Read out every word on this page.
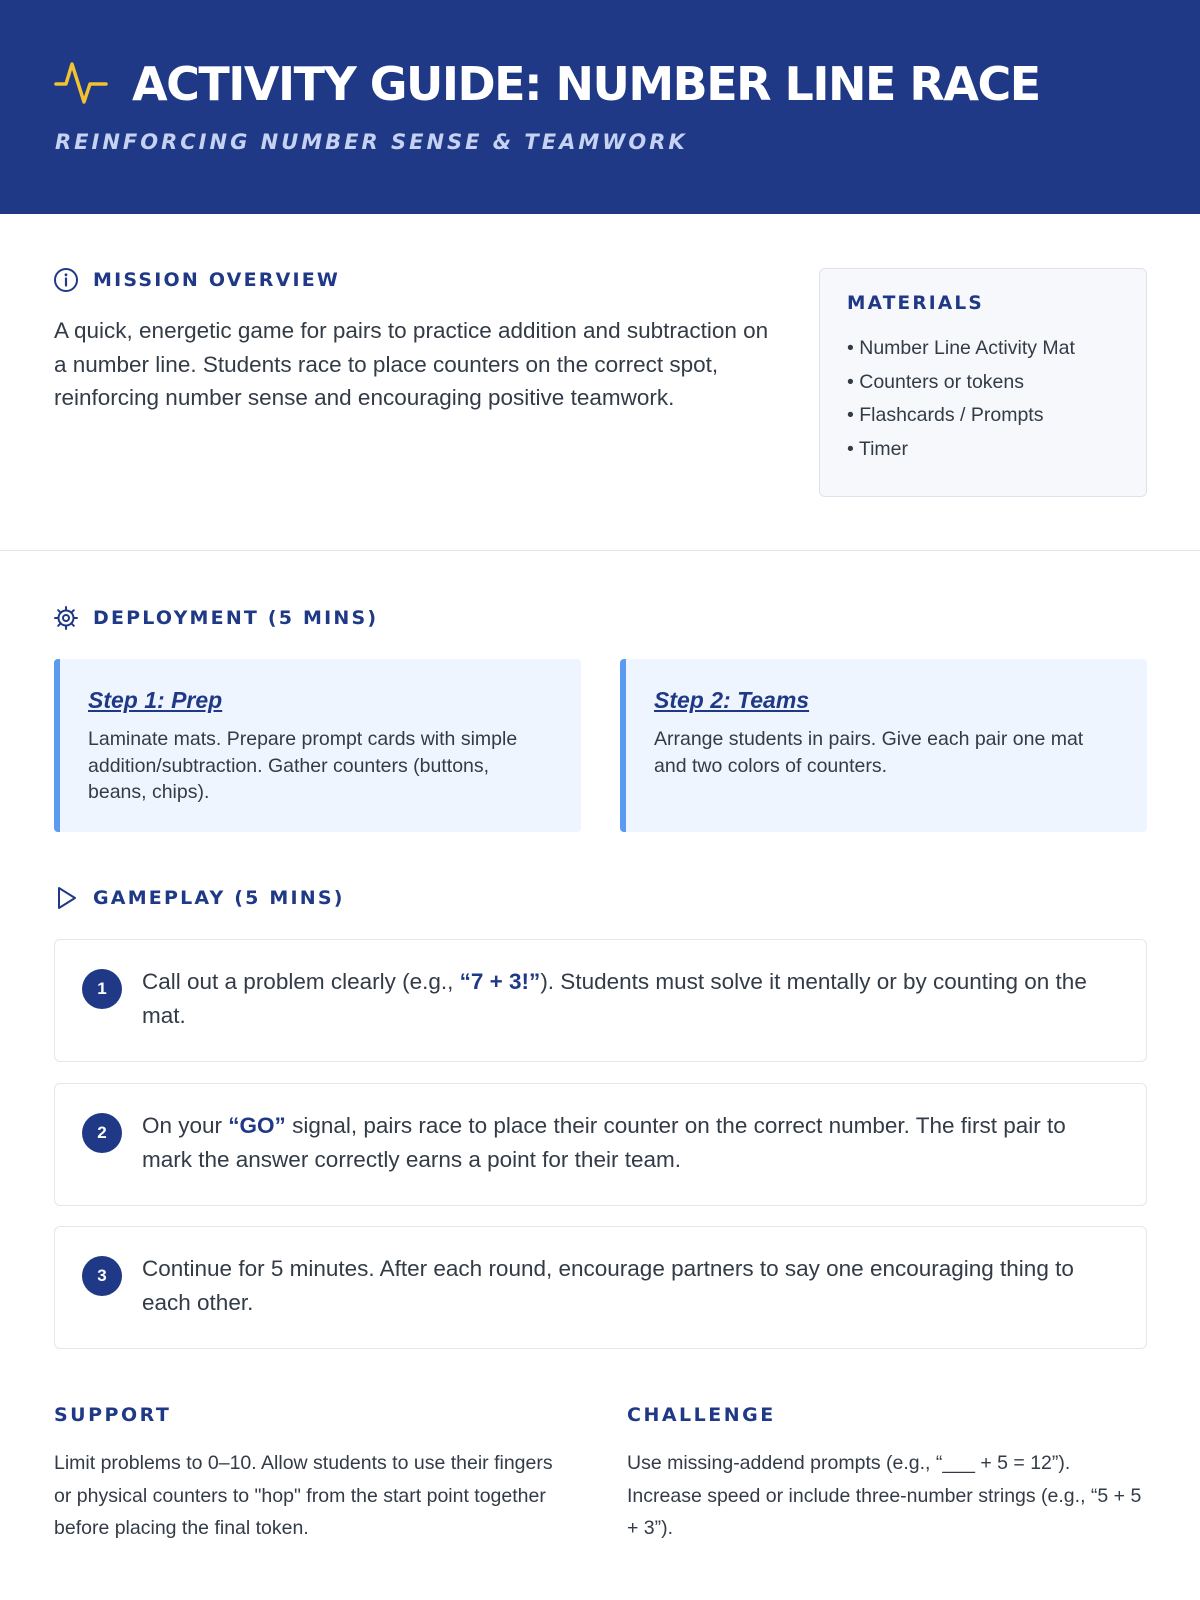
ACTIVITY GUIDE: NUMBER LINE RACE
REINFORCING NUMBER SENSE & TEAMWORK
MISSION OVERVIEW

A quick, energetic game for pairs to practice addition and subtraction on a number line. Students race to place counters on the correct spot, reinforcing number sense and encouraging positive teamwork.

MATERIALS
• Number Line Activity Mat
• Counters or tokens
• Flashcards / Prompts
• Timer
DEPLOYMENT (5 MINS)
Step 1: Prep

Laminate mats. Prepare prompt cards with simple addition/subtraction. Gather counters (buttons, beans, chips).

Step 2: Teams

Arrange students in pairs. Give each pair one mat and two colors of counters.

GAMEPLAY (5 MINS)
1	Call out a problem clearly (e.g., “7 + 3!”). Students must solve it mentally or by counting on the mat.

2	On your “GO” signal, pairs race to place their counter on the correct number. The first pair to mark the answer correctly earns a point for their team.

3	Continue for 5 minutes. After each round, encourage partners to say one encouraging thing to each other.

SUPPORT

Limit problems to 0–10. Allow students to use their fingers or physical counters to "hop" from the start point together before placing the final token.

CHALLENGE

Use missing-addend prompts (e.g., “___ + 5 = 12”). Increase speed or include three-number strings (e.g., “5 + 5 + 3”).
